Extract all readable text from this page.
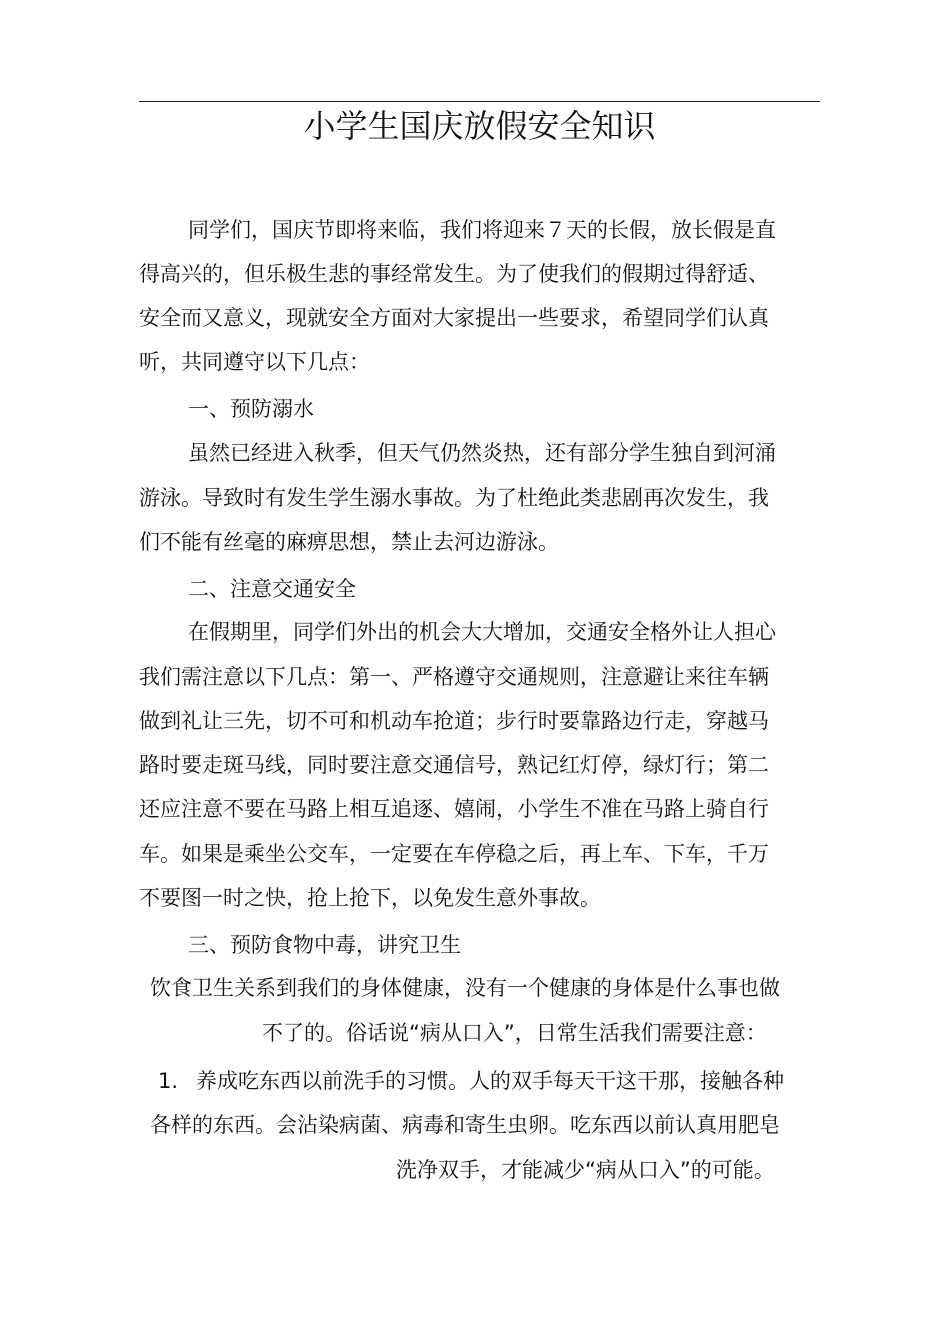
小学生国庆放假安全知识
同学们，国庆节即将来临，我们将迎来７天的长假，放长假是直
得高兴的，但乐极生悲的事经常发生。为了使我们的假期过得舒适、
安全而又意义，现就安全方面对大家提出一些要求，希望同学们认真
听，共同遵守以下几点：
一、预防溺水
虽然已经进入秋季，但天气仍然炎热，还有部分学生独自到河涌
游泳。导致时有发生学生溺水事故。为了杜绝此类悲剧再次发生，我
们不能有丝毫的麻痹思想，禁止去河边游泳。
二、注意交通安全
在假期里，同学们外出的机会大大增加，交通安全格外让人担心
我们需注意以下几点：第一、严格遵守交通规则，注意避让来往车辆
做到礼让三先，切不可和机动车抢道；步行时要靠路边行走，穿越马
路时要走斑马线，同时要注意交通信号，熟记红灯停，绿灯行；第二
还应注意不要在马路上相互追逐、嬉闹，小学生不准在马路上骑自行
车。如果是乘坐公交车，一定要在车停稳之后，再上车、下车，千万
不要图一时之快，抢上抢下，以免发生意外事故。
三、预防食物中毒，讲究卫生
饮食卫生关系到我们的身体健康，没有一个健康的身体是什么事也做
不了的。俗话说“病从口入”，日常生活我们需要注意：
1. 养成吃东西以前洗手的习惯。人的双手每天干这干那，接触各种
各样的东西。会沾染病菌、病毒和寄生虫卵。吃东西以前认真用肥皂
洗净双手，才能减少“病从口入”的可能。
